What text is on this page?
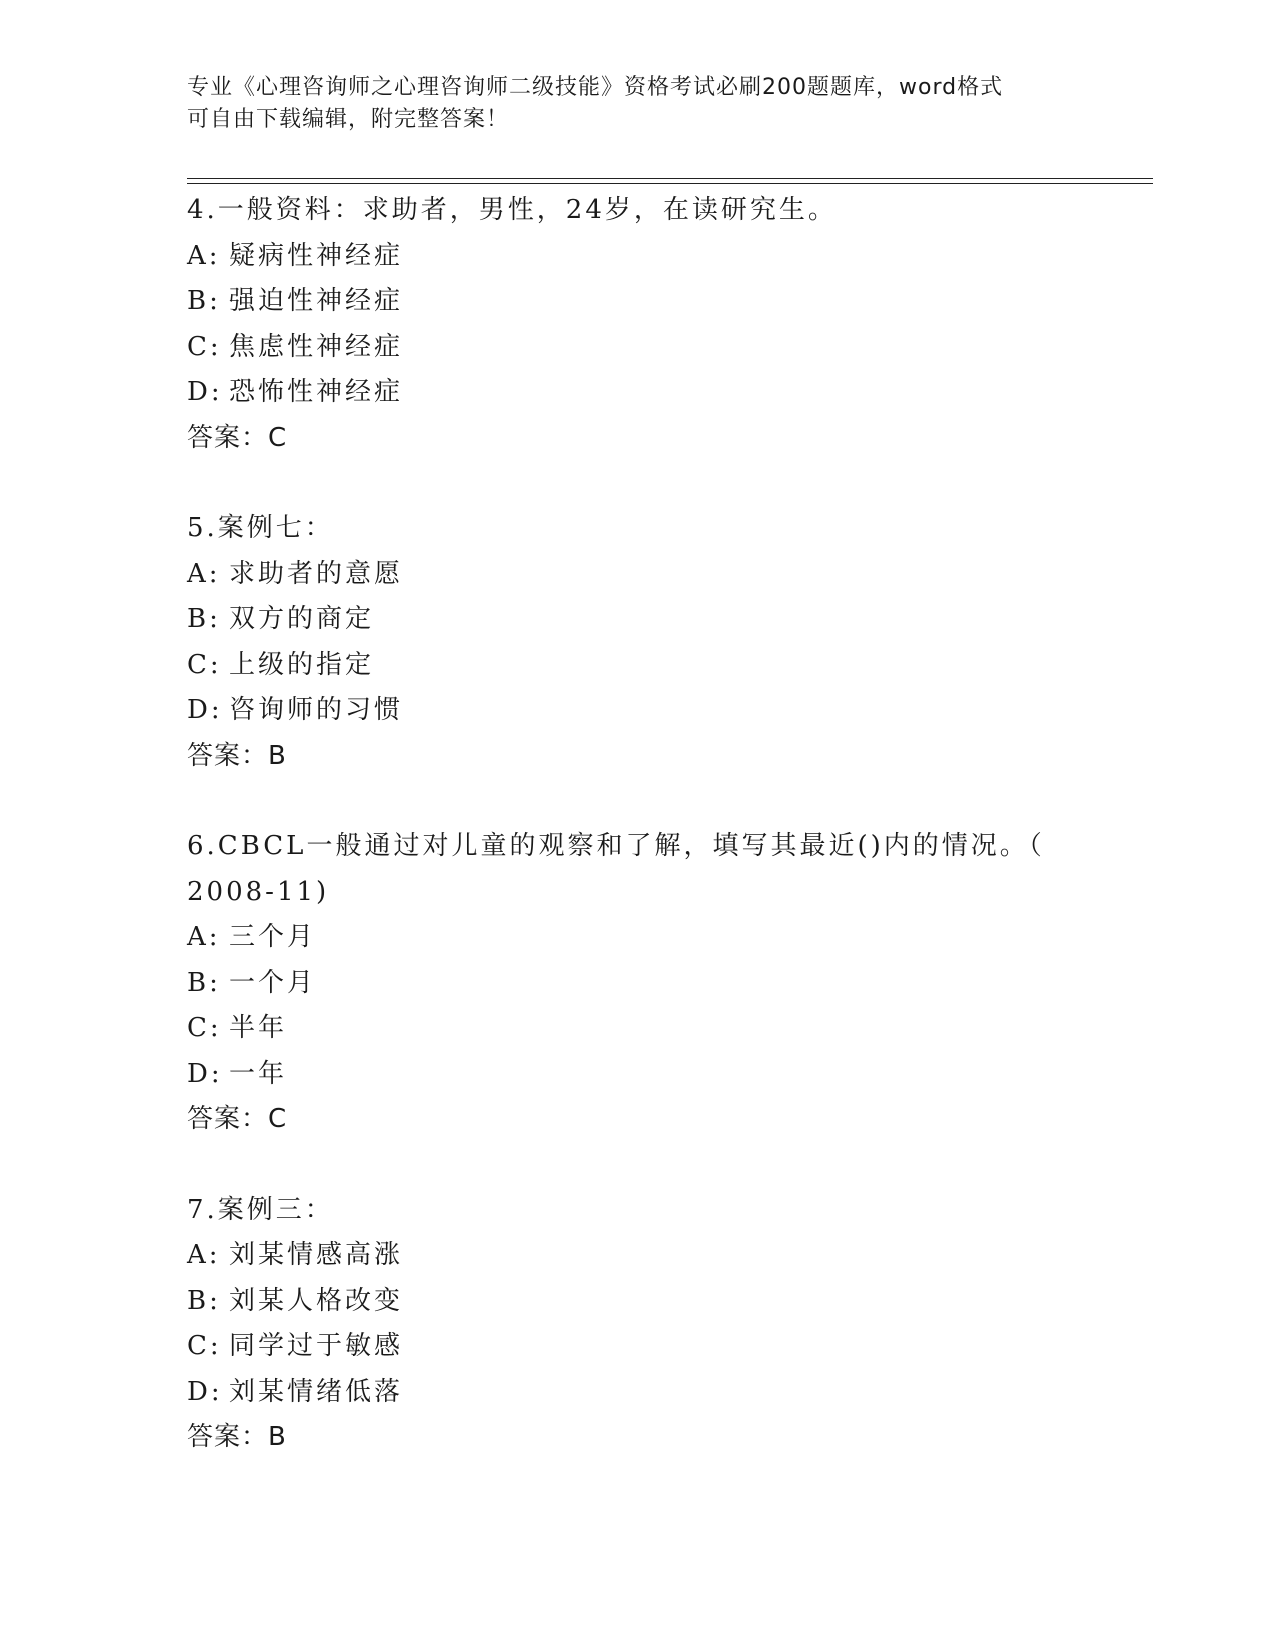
专业《心理咨询师之心理咨询师二级技能》资格考试必刷200题题库，word格式
可自由下载编辑，附完整答案！
4.一般资料：求助者，男性，24岁，在读研究生。
A: 疑病性神经症
B: 强迫性神经症
C: 焦虑性神经症
D: 恐怖性神经症
答案：C
5.案例七：
A: 求助者的意愿
B: 双方的商定
C: 上级的指定
D: 咨询师的习惯
答案：B
6.CBCL一般通过对儿童的观察和了解，填写其最近()内的情况。（
2008-11)
A: 三个月
B: 一个月
C: 半年
D: 一年
答案：C
7.案例三：
A: 刘某情感高涨
B: 刘某人格改变
C: 同学过于敏感
D: 刘某情绪低落
答案：B
